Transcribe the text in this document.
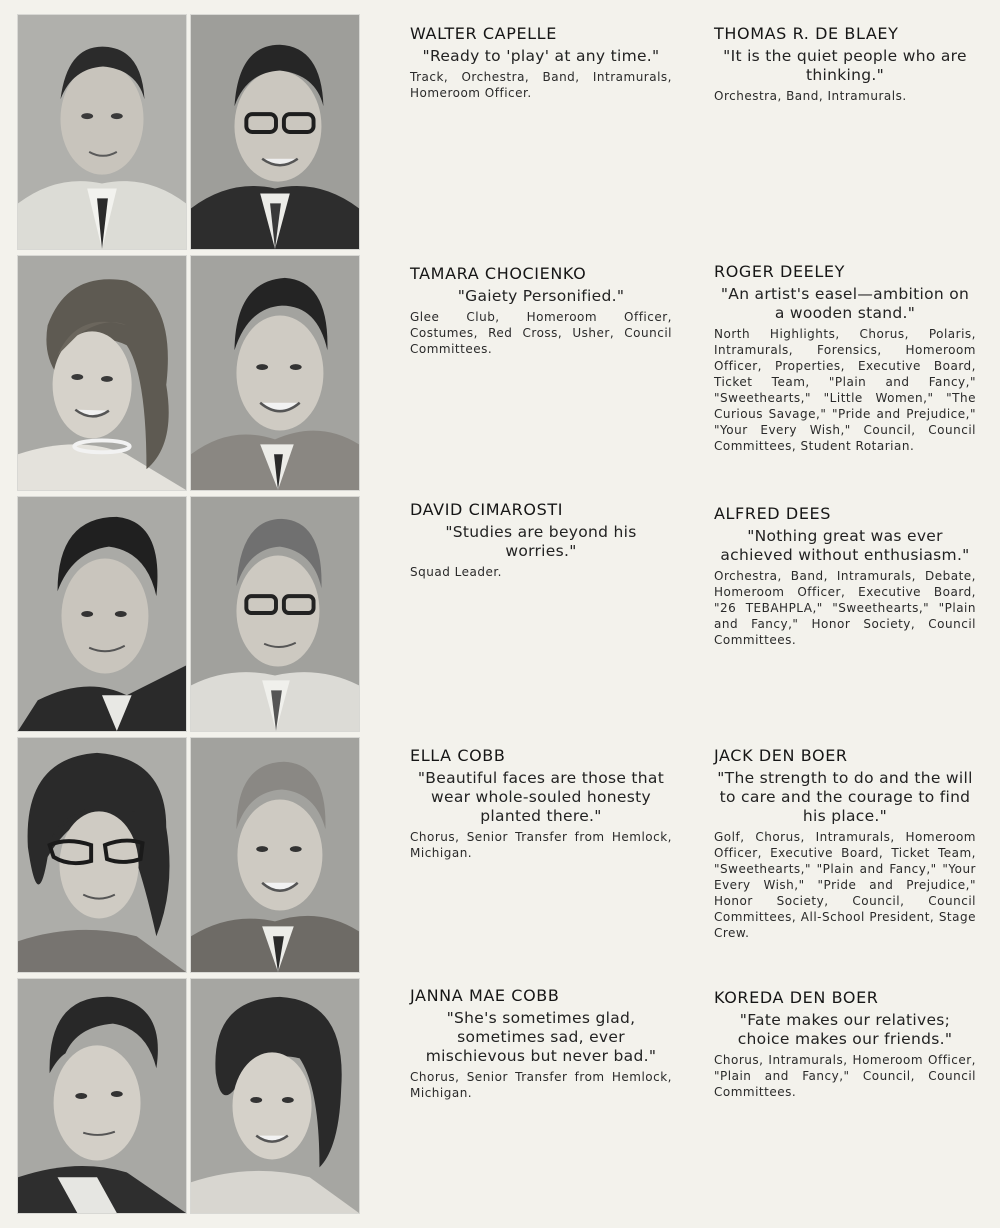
WALTER CAPELLE
"Ready to 'play' at any time."
Track, Orchestra, Band, Intramurals, Homeroom Officer.
THOMAS R. DE BLAEY
"It is the quiet people who are thinking."
Orchestra, Band, Intramurals.
TAMARA CHOCIENKO
"Gaiety Personified."
Glee Club, Homeroom Officer, Costumes, Red Cross, Usher, Council Committees.
ROGER DEELEY
"An artist's easel—ambition on a wooden stand."
North Highlights, Chorus, Polaris, Intramurals, Forensics, Homeroom Officer, Properties, Executive Board, Ticket Team, "Plain and Fancy," "Sweethearts," "Little Women," "The Curious Savage," "Pride and Prejudice," "Your Every Wish," Council, Council Committees, Student Rotarian.
DAVID CIMAROSTI
"Studies are beyond his worries."
Squad Leader.
ALFRED DEES
"Nothing great was ever achieved without enthusiasm."
Orchestra, Band, Intramurals, Debate, Homeroom Officer, Executive Board, "26 TEBAHPLA," "Sweethearts," "Plain and Fancy," Honor Society, Council Committees.
ELLA COBB
"Beautiful faces are those that wear whole-souled honesty planted there."
Chorus, Senior Transfer from Hemlock, Michigan.
JACK DEN BOER
"The strength to do and the will to care and the courage to find his place."
Golf, Chorus, Intramurals, Homeroom Officer, Executive Board, Ticket Team, "Sweethearts," "Plain and Fancy," "Your Every Wish," "Pride and Prejudice," Honor Society, Council, Council Committees, All-School President, Stage Crew.
JANNA MAE COBB
"She's sometimes glad, sometimes sad, ever mischievous but never bad."
Chorus, Senior Transfer from Hemlock, Michigan.
KOREDA DEN BOER
"Fate makes our relatives; choice makes our friends."
Chorus, Intramurals, Homeroom Officer, "Plain and Fancy," Council, Council Committees.
